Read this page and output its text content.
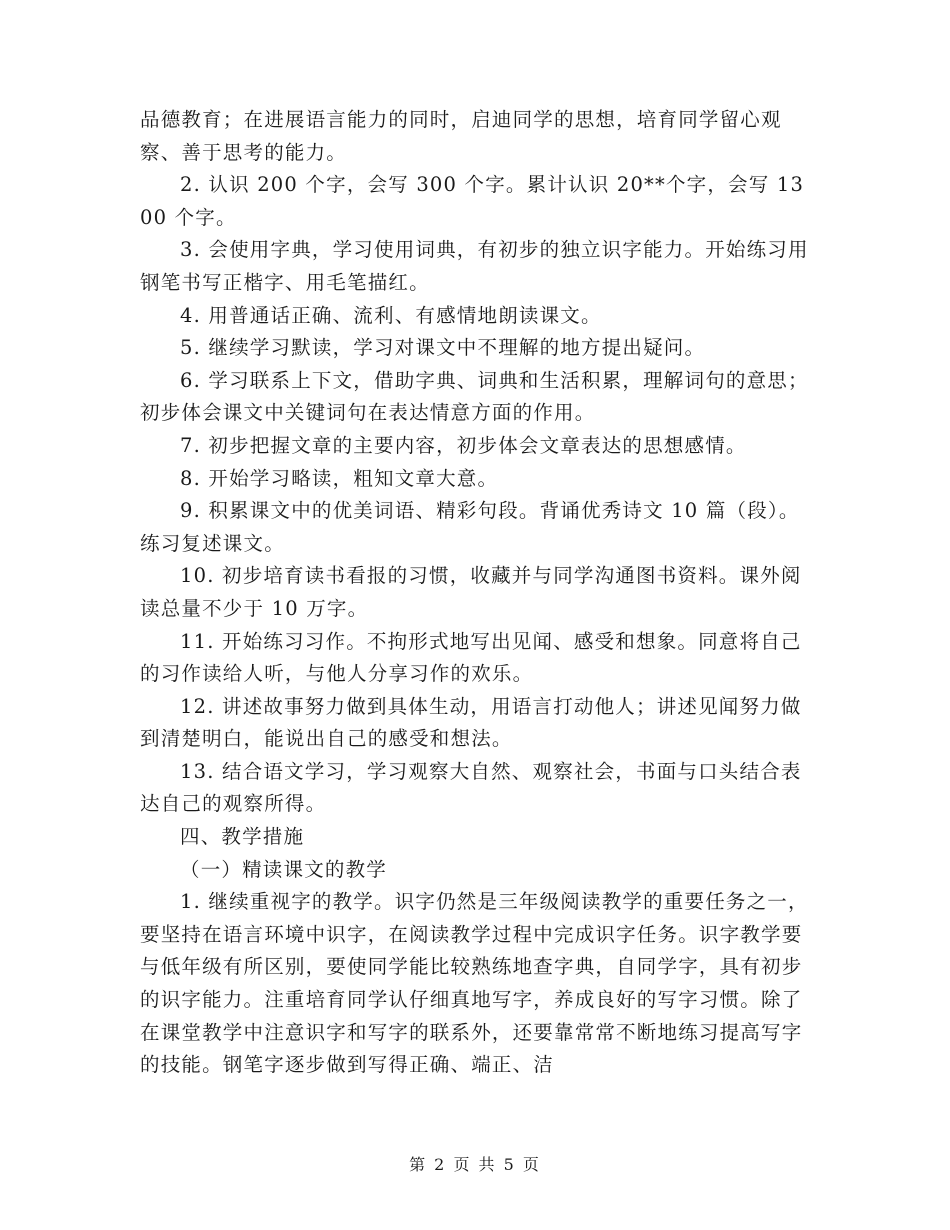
品德教育；在进展语言能力的同时，启迪同学的思想，培育同学留心观察、善于思考的能力。

2. 认识 200 个字，会写 300 个字。累计认识 20**个字，会写 1300 个字。

3. 会使用字典，学习使用词典，有初步的独立识字能力。开始练习用钢笔书写正楷字、用毛笔描红。

4. 用普通话正确、流利、有感情地朗读课文。

5. 继续学习默读，学习对课文中不理解的地方提出疑问。

6. 学习联系上下文，借助字典、词典和生活积累，理解词句的意思；初步体会课文中关键词句在表达情意方面的作用。

7. 初步把握文章的主要内容，初步体会文章表达的思想感情。

8. 开始学习略读，粗知文章大意。

9. 积累课文中的优美词语、精彩句段。背诵优秀诗文 10 篇（段）。练习复述课文。

10. 初步培育读书看报的习惯，收藏并与同学沟通图书资料。课外阅读总量不少于 10 万字。

11. 开始练习习作。不拘形式地写出见闻、感受和想象。同意将自己的习作读给人听，与他人分享习作的欢乐。

12. 讲述故事努力做到具体生动，用语言打动他人；讲述见闻努力做到清楚明白，能说出自己的感受和想法。

13. 结合语文学习，学习观察大自然、观察社会，书面与口头结合表达自己的观察所得。

四、教学措施

（一）精读课文的教学

1. 继续重视字的教学。识字仍然是三年级阅读教学的重要任务之一，要坚持在语言环境中识字，在阅读教学过程中完成识字任务。识字教学要与低年级有所区别，要使同学能比较熟练地查字典，自同学字，具有初步的识字能力。注重培育同学认仔细真地写字，养成良好的写字习惯。除了在课堂教学中注意识字和写字的联系外，还要靠常常不断地练习提高写字的技能。钢笔字逐步做到写得正确、端正、洁

第 2 页 共 5 页
